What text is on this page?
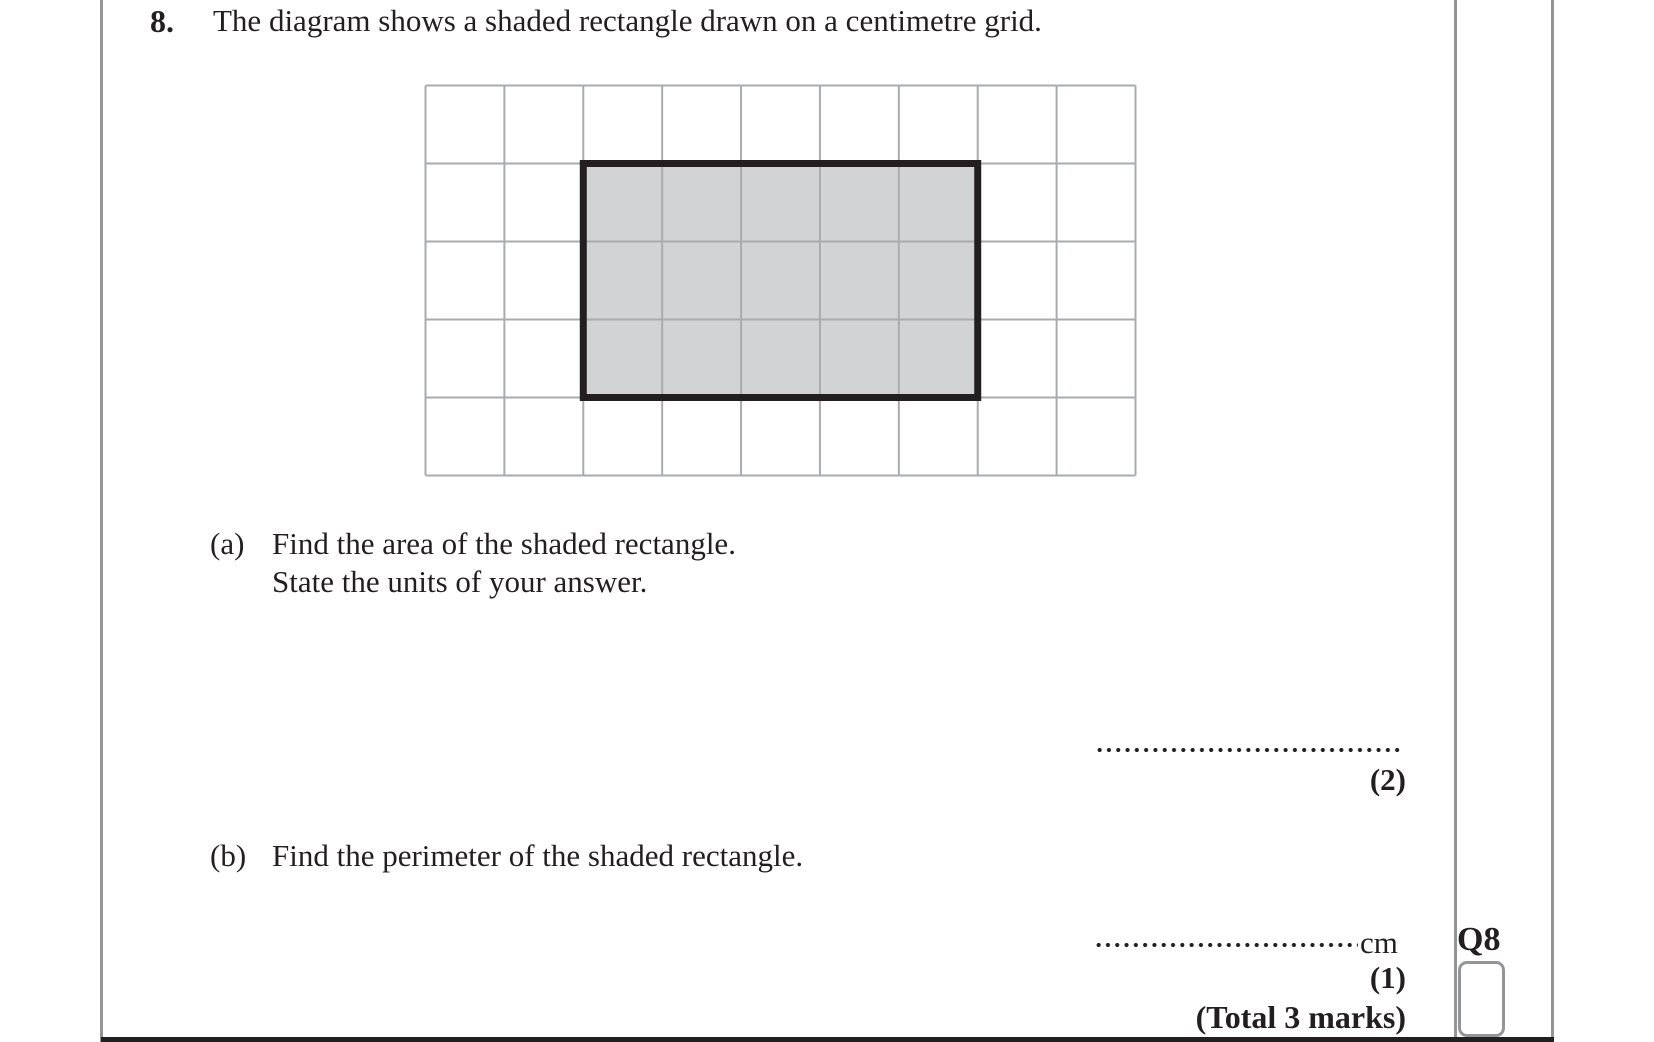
8. The diagram shows a shaded rectangle drawn on a centimetre grid.
(a) Find the area of the shaded rectangle.
State the units of your answer.
(2)
(b) Find the perimeter of the shaded rectangle.
cm
(1)
(Total 3 marks)
Q8
